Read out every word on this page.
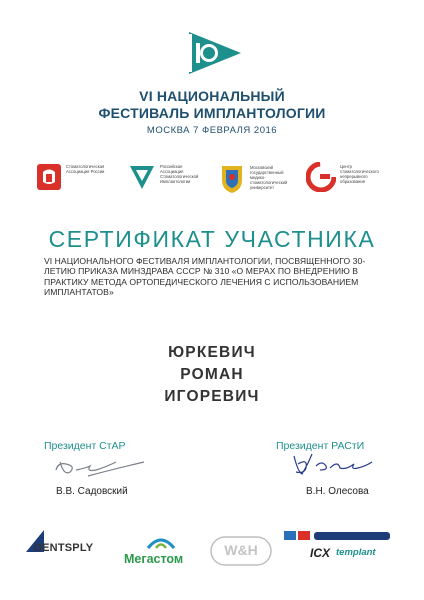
VI НАЦИОНАЛЬНЫЙ
ФЕСТИВАЛЬ ИМПЛАНТОЛОГИИ
МОСКВА 7 ФЕВРАЛЯ 2016
Стоматологическая Ассоциация России
Российская Ассоциация Стоматологической Имплантологии
Московский государственный медико-стоматологический университет
Центр стоматологического непрерывного образования
СЕРТИФИКАТ УЧАСТНИКА
VI НАЦИОНАЛЬНОГО ФЕСТИВАЛЯ ИМПЛАНТОЛОГИИ, ПОСВЯЩЕННОГО 30-ЛЕТИЮ ПРИКАЗА МИНЗДРАВА СССР № 310 «О МЕРАХ ПО ВНЕДРЕНИЮ В ПРАКТИКУ МЕТОДА ОРТОПЕДИЧЕСКОГО ЛЕЧЕНИЯ С ИСПОЛЬЗОВАНИЕМ ИМПЛАНТАТОВ»
ЮРКЕВИЧ
РОМАН
ИГОРЕВИЧ
Президент СтАР
В.В. Садовский
Президент РАСтИ
В.Н. Олесова
DENTSPLY
Мегастом
W&H	ICX templant
